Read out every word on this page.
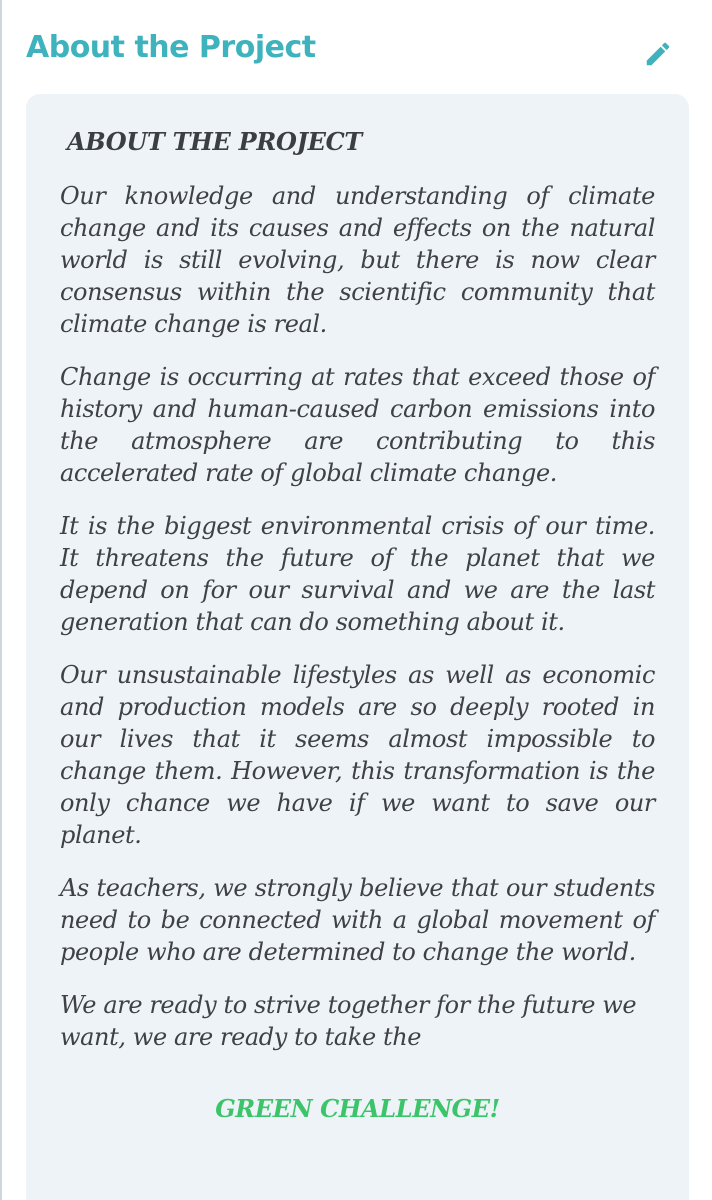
About the Project
ABOUT THE PROJECT

Our knowledge and understanding of climate change and its causes and effects on the natural world is still evolving, but there is now clear consensus within the scientific community that climate change is real.

Change is occurring at rates that exceed those of history and human-caused carbon emissions into the atmosphere are contributing to this accelerated rate of global climate change.

It is the biggest environmental crisis of our time. It threatens the future of the planet that we depend on for our survival and we are the last generation that can do something about it.

Our unsustainable lifestyles as well as economic and production models are so deeply rooted in our lives that it seems almost impossible to change them. However, this transformation is the only chance we have if we want to save our planet.

As teachers, we strongly believe that our students need to be connected with a global movement of people who are determined to change the world.

We are ready to strive together for the future we want, we are ready to take the

GREEN CHALLENGE!
